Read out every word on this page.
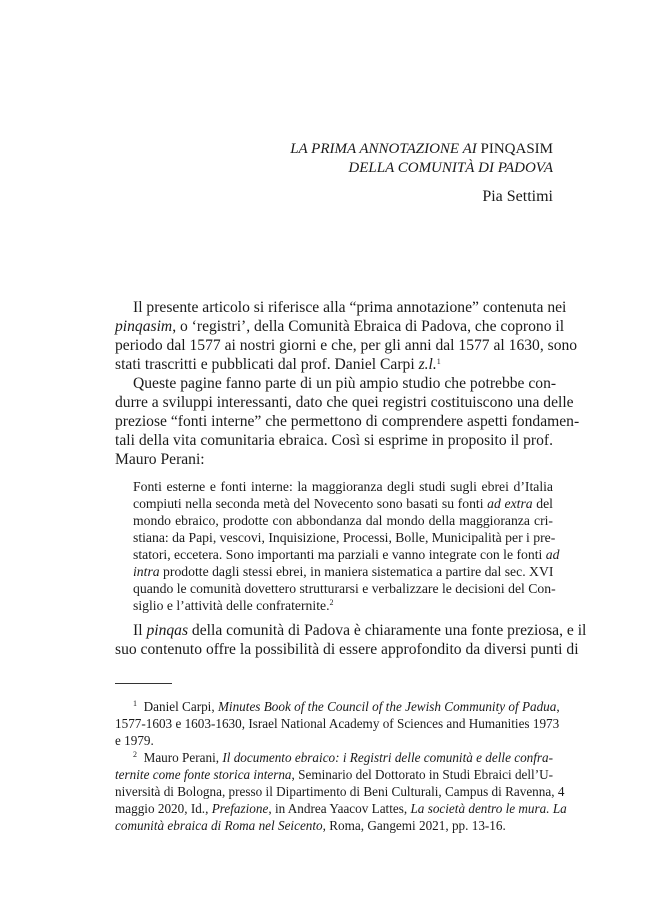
LA PRIMA ANNOTAZIONE AI PINQASIM
DELLA COMUNITÀ DI PADOVA
Pia Settimi

Il presente articolo si riferisce alla “prima annotazione” contenuta nei

pinqasim, o ‘registri’, della Comunità Ebraica di Padova, che coprono il

periodo dal 1577 ai nostri giorni e che, per gli anni dal 1577 al 1630, sono

stati trascritti e pubblicati dal prof. Daniel Carpi z.l.$^1$

Queste pagine fanno parte di un più ampio studio che potrebbe con-

durre a sviluppi interessanti, dato che quei registri costituiscono una delle

preziose “fonti interne” che permettono di comprendere aspetti fondamen-

tali della vita comunitaria ebraica. Così si esprime in proposito il prof.

Mauro Perani:

Fonti esterne e fonti interne: la maggioranza degli studi sugli ebrei d’Italia

compiuti nella seconda metà del Novecento sono basati su fonti ad extra del

mondo ebraico, prodotte con abbondanza dal mondo della maggioranza cri-

stiana: da Papi, vescovi, Inquisizione, Processi, Bolle, Municipalità per i pre-

statori, eccetera. Sono importanti ma parziali e vanno integrate con le fonti ad

intra prodotte dagli stessi ebrei, in maniera sistematica a partire dal sec. XVI

quando le comunità dovettero strutturarsi e verbalizzare le decisioni del Con-

siglio e l’attività delle confraternite.$^2$

Il pinqas della comunità di Padova è chiaramente una fonte preziosa, e il

suo contenuto offre la possibilità di essere approfondito da diversi punti di

$^1$ Daniel Carpi, Minutes Book of the Council of the Jewish Community of Padua,

1577-1603 e 1603-1630, Israel National Academy of Sciences and Humanities 1973

e 1979.

$^2$ Mauro Perani, Il documento ebraico: i Registri delle comunità e delle confra-

ternite come fonte storica interna, Seminario del Dottorato in Studi Ebraici dell’U-

niversità di Bologna, presso il Dipartimento di Beni Culturali, Campus di Ravenna, 4

maggio 2020, Id., Prefazione, in Andrea Yaacov Lattes, La società dentro le mura. La

comunità ebraica di Roma nel Seicento, Roma, Gangemi 2021, pp. 13-16.
